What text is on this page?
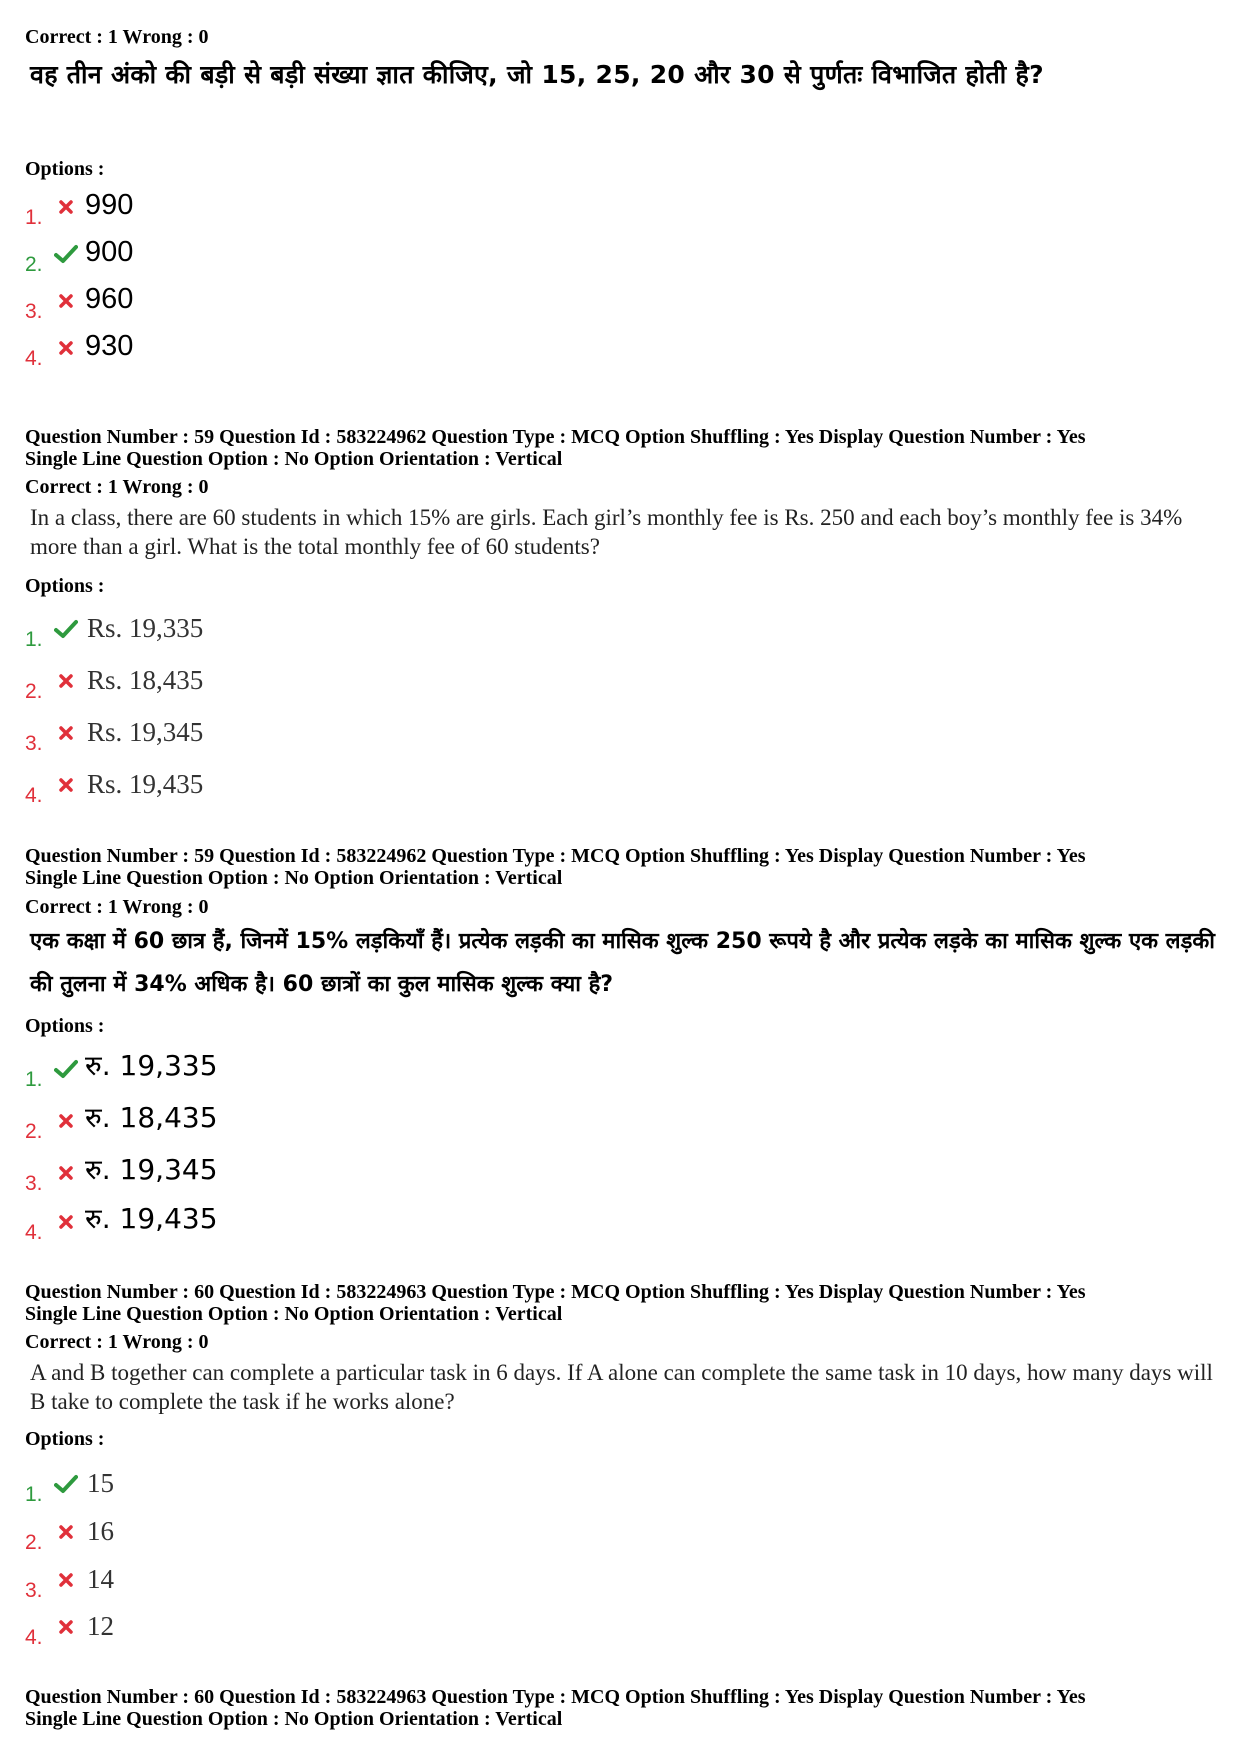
Correct : 1 Wrong : 0
वह तीन अंको की बड़ी से बड़ी संख्या ज्ञात कीजिए, जो 15, 25, 20 और 30 से पुर्णतः विभाजित होती है?
Options :
1. 990
2. 900
3. 960
4. 930
Question Number : 59 Question Id : 583224962 Question Type : MCQ Option Shuffling : Yes Display Question Number : Yes
Single Line Question Option : No Option Orientation : Vertical
Correct : 1 Wrong : 0
In a class, there are 60 students in which 15% are girls. Each girl’s monthly fee is Rs. 250 and each boy’s monthly fee is 34% more than a girl. What is the total monthly fee of 60 students?
Options :
1.	Rs. 19,335
2.	Rs. 18,435
3.	Rs. 19,345
4.	Rs. 19,435
Question Number : 59 Question Id : 583224962 Question Type : MCQ Option Shuffling : Yes Display Question Number : Yes
Single Line Question Option : No Option Orientation : Vertical
Correct : 1 Wrong : 0
एक कक्षा में 60 छात्र हैं, जिनमें 15% लड़कियाँ हैं। प्रत्येक लड़की का मासिक शुल्क 250 रूपये है और प्रत्येक लड़के का मासिक शुल्क एक लड़की की तुलना में 34% अधिक है। 60 छात्रों का कुल मासिक शुल्क क्या है?
Options :
1.	रु. 19,335
2.	रु. 18,435
3.	रु. 19,345
4.	रु. 19,435
Question Number : 60 Question Id : 583224963 Question Type : MCQ Option Shuffling : Yes Display Question Number : Yes
Single Line Question Option : No Option Orientation : Vertical
Correct : 1 Wrong : 0
A and B together can complete a particular task in 6 days. If A alone can complete the same task in 10 days, how many days will B take to complete the task if he works alone?
Options :
1.	15
2.	16
3.	14
4.	12
Question Number : 60 Question Id : 583224963 Question Type : MCQ Option Shuffling : Yes Display Question Number : Yes
Single Line Question Option : No Option Orientation : Vertical
